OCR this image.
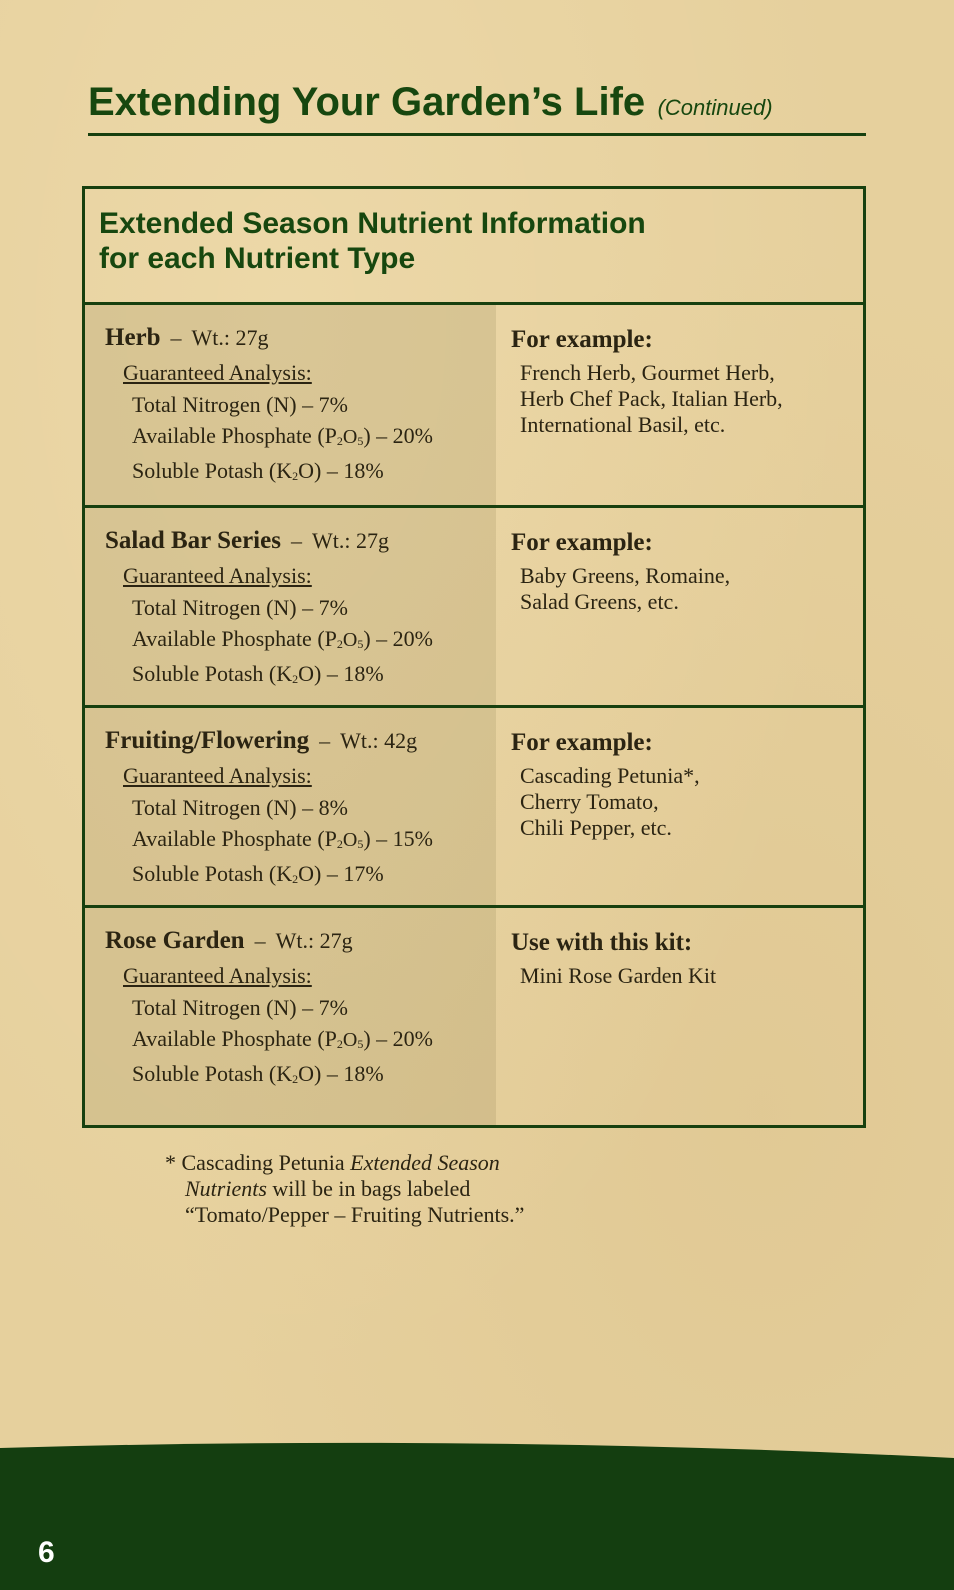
Extending Your Garden’s Life (Continued)
Extended Season Nutrient Information
for each Nutrient Type
Herb – Wt.: 27g
Guaranteed Analysis:
Total Nitrogen (N) – 7%
Available Phosphate $(P_2O_5) - 20\%$
Soluble Potash $(K_2O) - 18\%$
For example:
French Herb, Gourmet Herb,
Herb Chef Pack, Italian Herb,
International Basil, etc.
Salad Bar Series – Wt.: 27g
Guaranteed Analysis:
Total Nitrogen (N) – 7%
Available Phosphate $(P_2O_5) - 20\%$
Soluble Potash $(K_2O) - 18\%$
For example:
Baby Greens, Romaine,
Salad Greens, etc.
Fruiting/Flowering – Wt.: 42g
Guaranteed Analysis:
Total Nitrogen (N) – 8%
Available Phosphate $(P_2O_5) - 15\%$
Soluble Potash $(K_2O) - 17\%$
For example:
Cascading Petunia*,
Cherry Tomato,
Chili Pepper, etc.
Rose Garden – Wt.: 27g
Guaranteed Analysis:
Total Nitrogen (N) – 7%
Available Phosphate $(P_2O_5) - 20\%$
Soluble Potash $(K_2O) - 18\%$
Use with this kit:
Mini Rose Garden Kit
* Cascading Petunia Extended Season
Nutrients will be in bags labeled
“Tomato/Pepper – Fruiting Nutrients.”
6
